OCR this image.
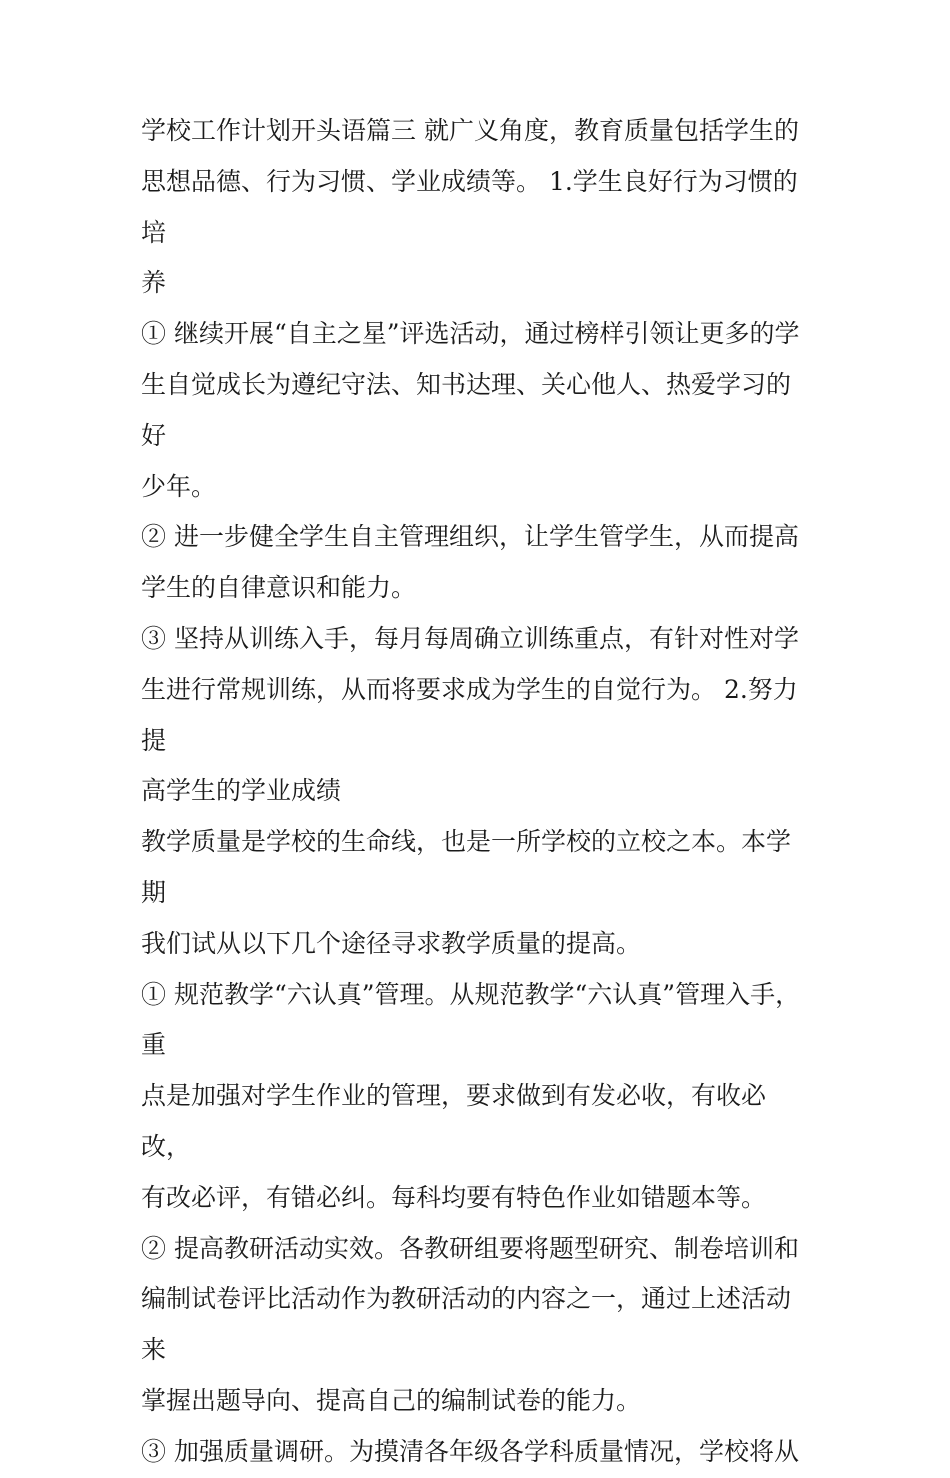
学校工作计划开头语篇三 就广义角度，教育质量包括学生的

思想品德、行为习惯、学业成绩等。 1.学生良好行为习惯的培

养

① 继续开展“自主之星”评选活动，通过榜样引领让更多的学

生自觉成长为遵纪守法、知书达理、关心他人、热爱学习的好

少年。

② 进一步健全学生自主管理组织，让学生管学生，从而提高

学生的自律意识和能力。

③ 坚持从训练入手，每月每周确立训练重点，有针对性对学

生进行常规训练，从而将要求成为学生的自觉行为。 2.努力提

高学生的学业成绩

教学质量是学校的生命线，也是一所学校的立校之本。本学期

我们试从以下几个途径寻求教学质量的提高。

① 规范教学“六认真”管理。从规范教学“六认真”管理入手，重

点是加强对学生作业的管理，要求做到有发必收，有收必改，

有改必评，有错必纠。每科均要有特色作业如错题本等。

② 提高教研活动实效。各教研组要将题型研究、制卷培训和

编制试卷评比活动作为教研活动的内容之一，通过上述活动来

掌握出题导向、提高自己的编制试卷的能力。

③ 加强质量调研。为摸清各年级各学科质量情况，学校将从
